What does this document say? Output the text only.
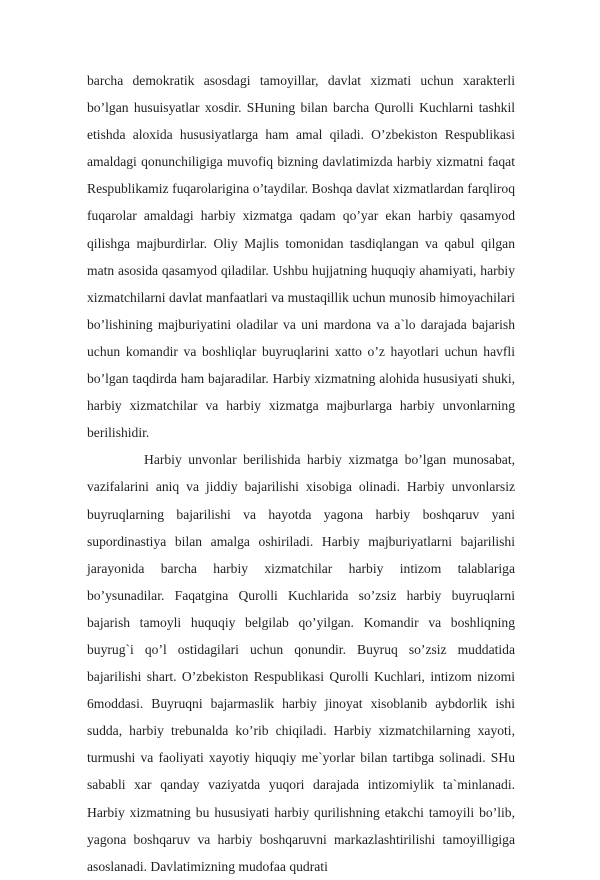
barcha demokratik asosdagi tamoyillar, davlat xizmati uchun xarakterli bo’lgan husuisyatlar xosdir. SHuning bilan barcha Qurolli Kuchlarni tashkil etishda aloxida hususiyatlarga ham amal qiladi. O’zbekiston Respublikasi amaldagi qonunchiligiga muvofiq bizning davlatimizda harbiy xizmatni faqat Respublikamiz fuqarolarigina o’taydilar. Boshqa davlat xizmatlardan farqliroq fuqarolar amaldagi harbiy xizmatga qadam qo’yar ekan harbiy qasamyod qilishga majburdirlar. Oliy Majlis tomonidan tasdiqlangan va qabul qilgan matn asosida qasamyod qiladilar. Ushbu hujjatning huquqiy ahamiyati, harbiy xizmatchilarni davlat manfaatlari va mustaqillik uchun munosib himoyachilari bo’lishining majburiyatini oladilar va uni mardona va a`lo darajada bajarish uchun komandir va boshliqlar buyruqlarini xatto o’z hayotlari uchun havfli bo’lgan taqdirda ham bajaradilar. Harbiy xizmatning alohida hususiyati shuki, harbiy xizmatchilar va harbiy xizmatga majburlarga harbiy unvonlarning berilishidir.

Harbiy unvonlar berilishida harbiy xizmatga bo’lgan munosabat, vazifalarini aniq va jiddiy bajarilishi xisobiga olinadi. Harbiy unvonlarsiz buyruqlarning bajarilishi va hayotda yagona harbiy boshqaruv yani supordinastiya bilan amalga oshiriladi. Harbiy majburiyatlarni bajarilishi jarayonida barcha harbiy xizmatchilar harbiy intizom talablariga bo’ysunadilar. Faqatgina Qurolli Kuchlarida so’zsiz harbiy buyruqlarni bajarish tamoyli huquqiy belgilab qo’yilgan. Komandir va boshliqning buyrug`i qo’l ostidagilari uchun qonundir. Buyruq so’zsiz muddatida bajarilishi shart. O’zbekiston Respublikasi Qurolli Kuchlari, intizom nizomi 6moddasi. Buyruqni bajarmaslik harbiy jinoyat xisoblanib aybdorlik ishi sudda, harbiy trebunalda ko’rib chiqiladi. Harbiy xizmatchilarning xayoti, turmushi va faoliyati xayotiy hiquqiy me`yorlar bilan tartibga solinadi. SHu sababli xar qanday vaziyatda yuqori darajada intizomiylik ta`minlanadi. Harbiy xizmatning bu hususiyati harbiy qurilishning etakchi tamoyili bo’lib, yagona boshqaruv va harbiy boshqaruvni markazlashtirilishi tamoyilligiga asoslanadi. Davlatimizning mudofaa qudrati
